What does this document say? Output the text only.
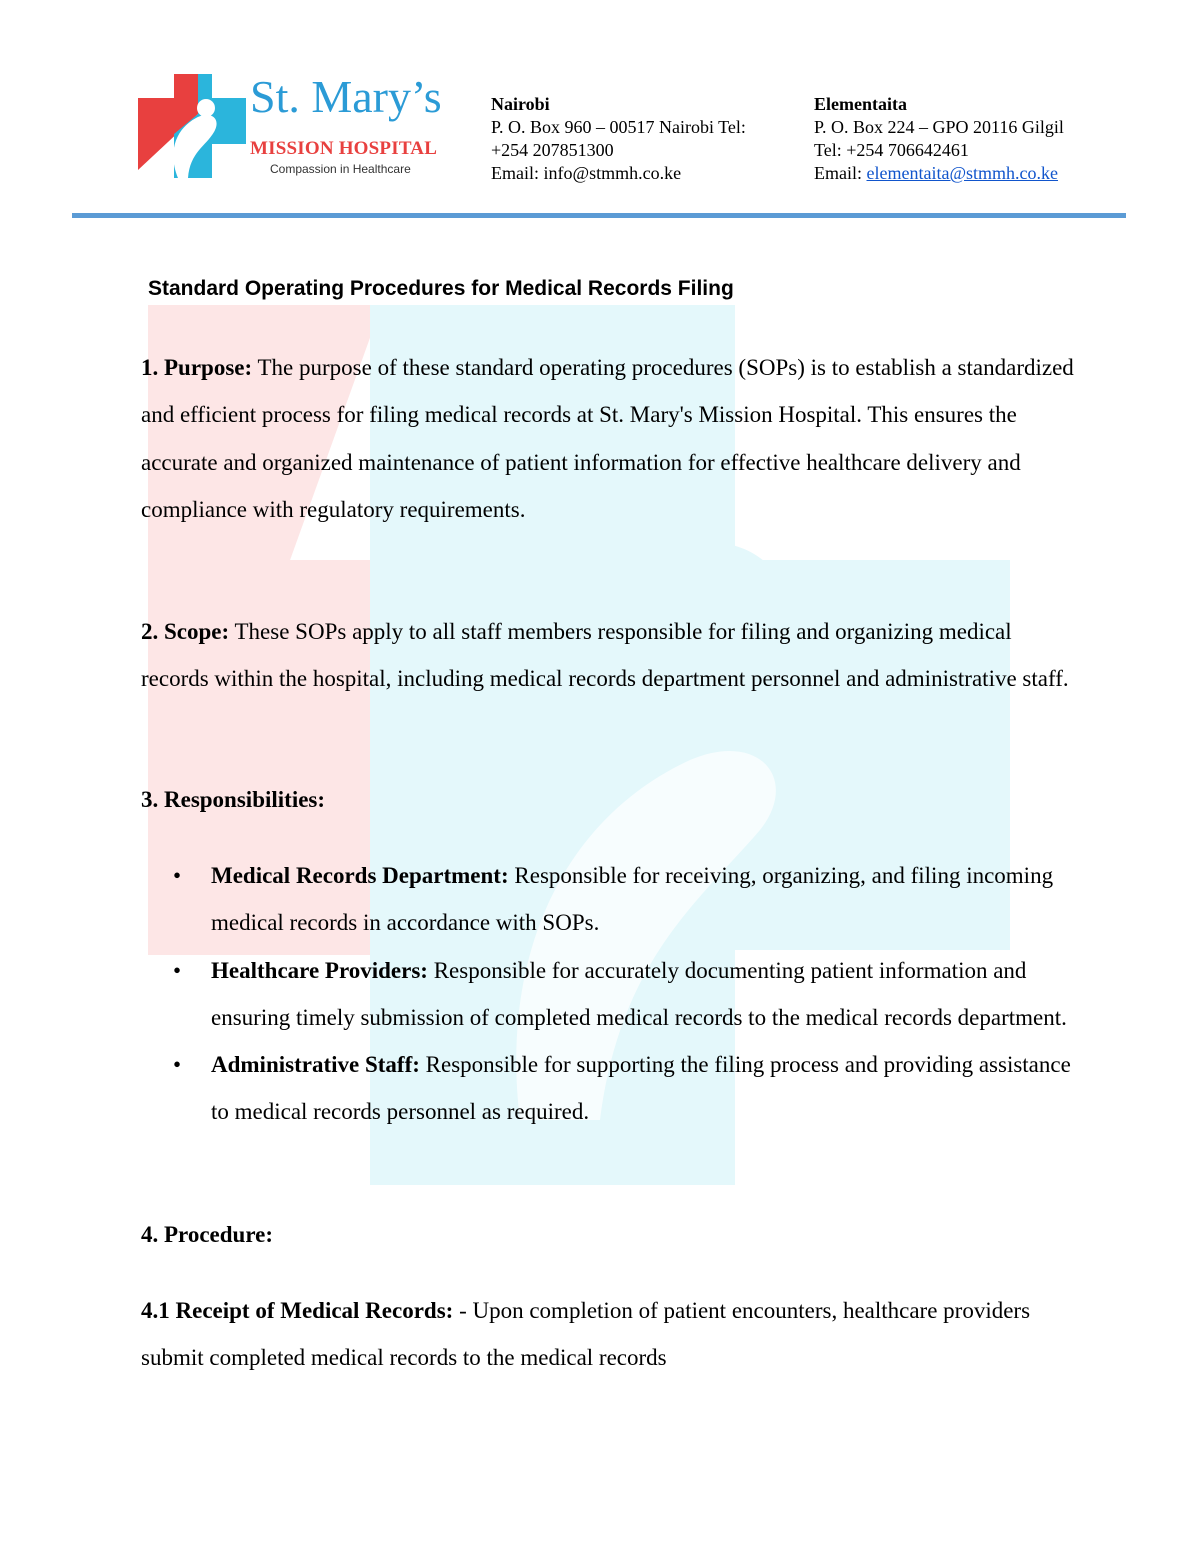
St. Mary’s
MISSION HOSPITAL
Compassion in Healthcare
Nairobi
P. O. Box 960 – 00517 Nairobi Tel:
+254 207851300
Email: info@stmmh.co.ke
Elementaita
P. O. Box 224 – GPO 20116 Gilgil
Tel: +254 706642461
Email: elementaita@stmmh.co.ke
Standard Operating Procedures for Medical Records Filing

1. Purpose: The purpose of these standard operating procedures (SOPs) is to establish a standardized and efficient process for filing medical records at St. Mary's Mission Hospital. This ensures the accurate and organized maintenance of patient information for effective healthcare delivery and compliance with regulatory requirements.

2. Scope: These SOPs apply to all staff members responsible for filing and organizing medical records within the hospital, including medical records department personnel and administrative staff.

3. Responsibilities:

• Medical Records Department: Responsible for receiving, organizing, and filing incoming medical records in accordance with SOPs.
• Healthcare Providers: Responsible for accurately documenting patient information and ensuring timely submission of completed medical records to the medical records department.
• Administrative Staff: Responsible for supporting the filing process and providing assistance to medical records personnel as required.

4. Procedure:

4.1 Receipt of Medical Records: - Upon completion of patient encounters, healthcare providers submit completed medical records to the medical records
